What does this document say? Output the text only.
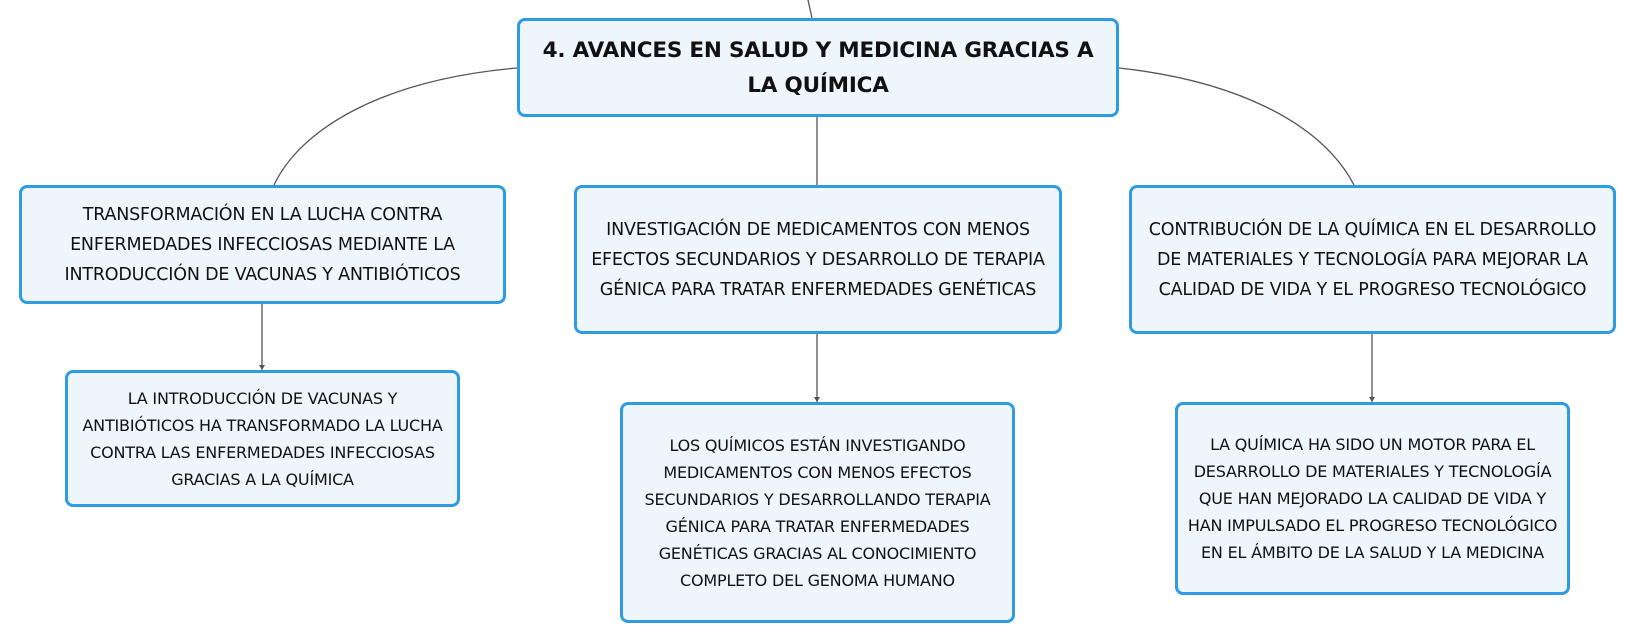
4. AVANCES EN SALUD Y MEDICINA GRACIAS A LA QUÍMICA
TRANSFORMACIÓN EN LA LUCHA CONTRA ENFERMEDADES INFECCIOSAS MEDIANTE LA INTRODUCCIÓN DE VACUNAS Y ANTIBIÓTICOS
INVESTIGACIÓN DE MEDICAMENTOS CON MENOS EFECTOS SECUNDARIOS Y DESARROLLO DE TERAPIA GÉNICA PARA TRATAR ENFERMEDADES GENÉTICAS
CONTRIBUCIÓN DE LA QUÍMICA EN EL DESARROLLO DE MATERIALES Y TECNOLOGÍA PARA MEJORAR LA CALIDAD DE VIDA Y EL PROGRESO TECNOLÓGICO
LA INTRODUCCIÓN DE VACUNAS Y ANTIBIÓTICOS HA TRANSFORMADO LA LUCHA CONTRA LAS ENFERMEDADES INFECCIOSAS GRACIAS A LA QUÍMICA
LOS QUÍMICOS ESTÁN INVESTIGANDO MEDICAMENTOS CON MENOS EFECTOS SECUNDARIOS Y DESARROLLANDO TERAPIA GÉNICA PARA TRATAR ENFERMEDADES GENÉTICAS GRACIAS AL CONOCIMIENTO COMPLETO DEL GENOMA HUMANO
LA QUÍMICA HA SIDO UN MOTOR PARA EL DESARROLLO DE MATERIALES Y TECNOLOGÍA QUE HAN MEJORADO LA CALIDAD DE VIDA Y HAN IMPULSADO EL PROGRESO TECNOLÓGICO EN EL ÁMBITO DE LA SALUD Y LA MEDICINA
